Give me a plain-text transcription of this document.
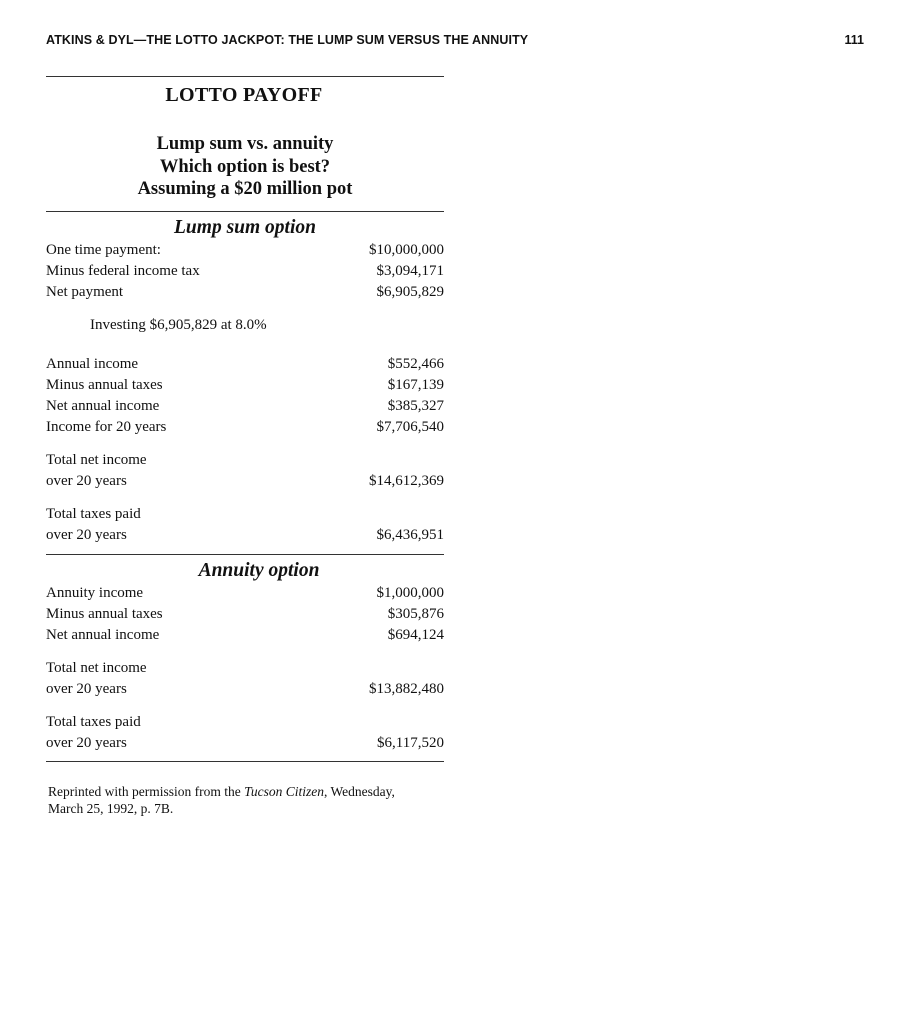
ATKINS & DYL—THE LOTTO JACKPOT: THE LUMP SUM VERSUS THE ANNUITY	111
LOTTO PAYOFF
Lump sum vs. annuity
Which option is best?
Assuming a $20 million pot
Lump sum option
One time payment:	$10,000,000
Minus federal income tax	$3,094,171
Net payment	$6,905,829
Investing $6,905,829 at 8.0%
Annual income	$552,466
Minus annual taxes	$167,139
Net annual income	$385,327
Income for 20 years	$7,706,540
Total net income
over 20 years	$14,612,369
Total taxes paid
over 20 years	$6,436,951
Annuity option
Annuity income	$1,000,000
Minus annual taxes	$305,876
Net annual income	$694,124
Total net income
over 20 years	$13,882,480
Total taxes paid
over 20 years	$6,117,520
Reprinted with permission from the Tucson Citizen, Wednesday,
March 25, 1992, p. 7B.
